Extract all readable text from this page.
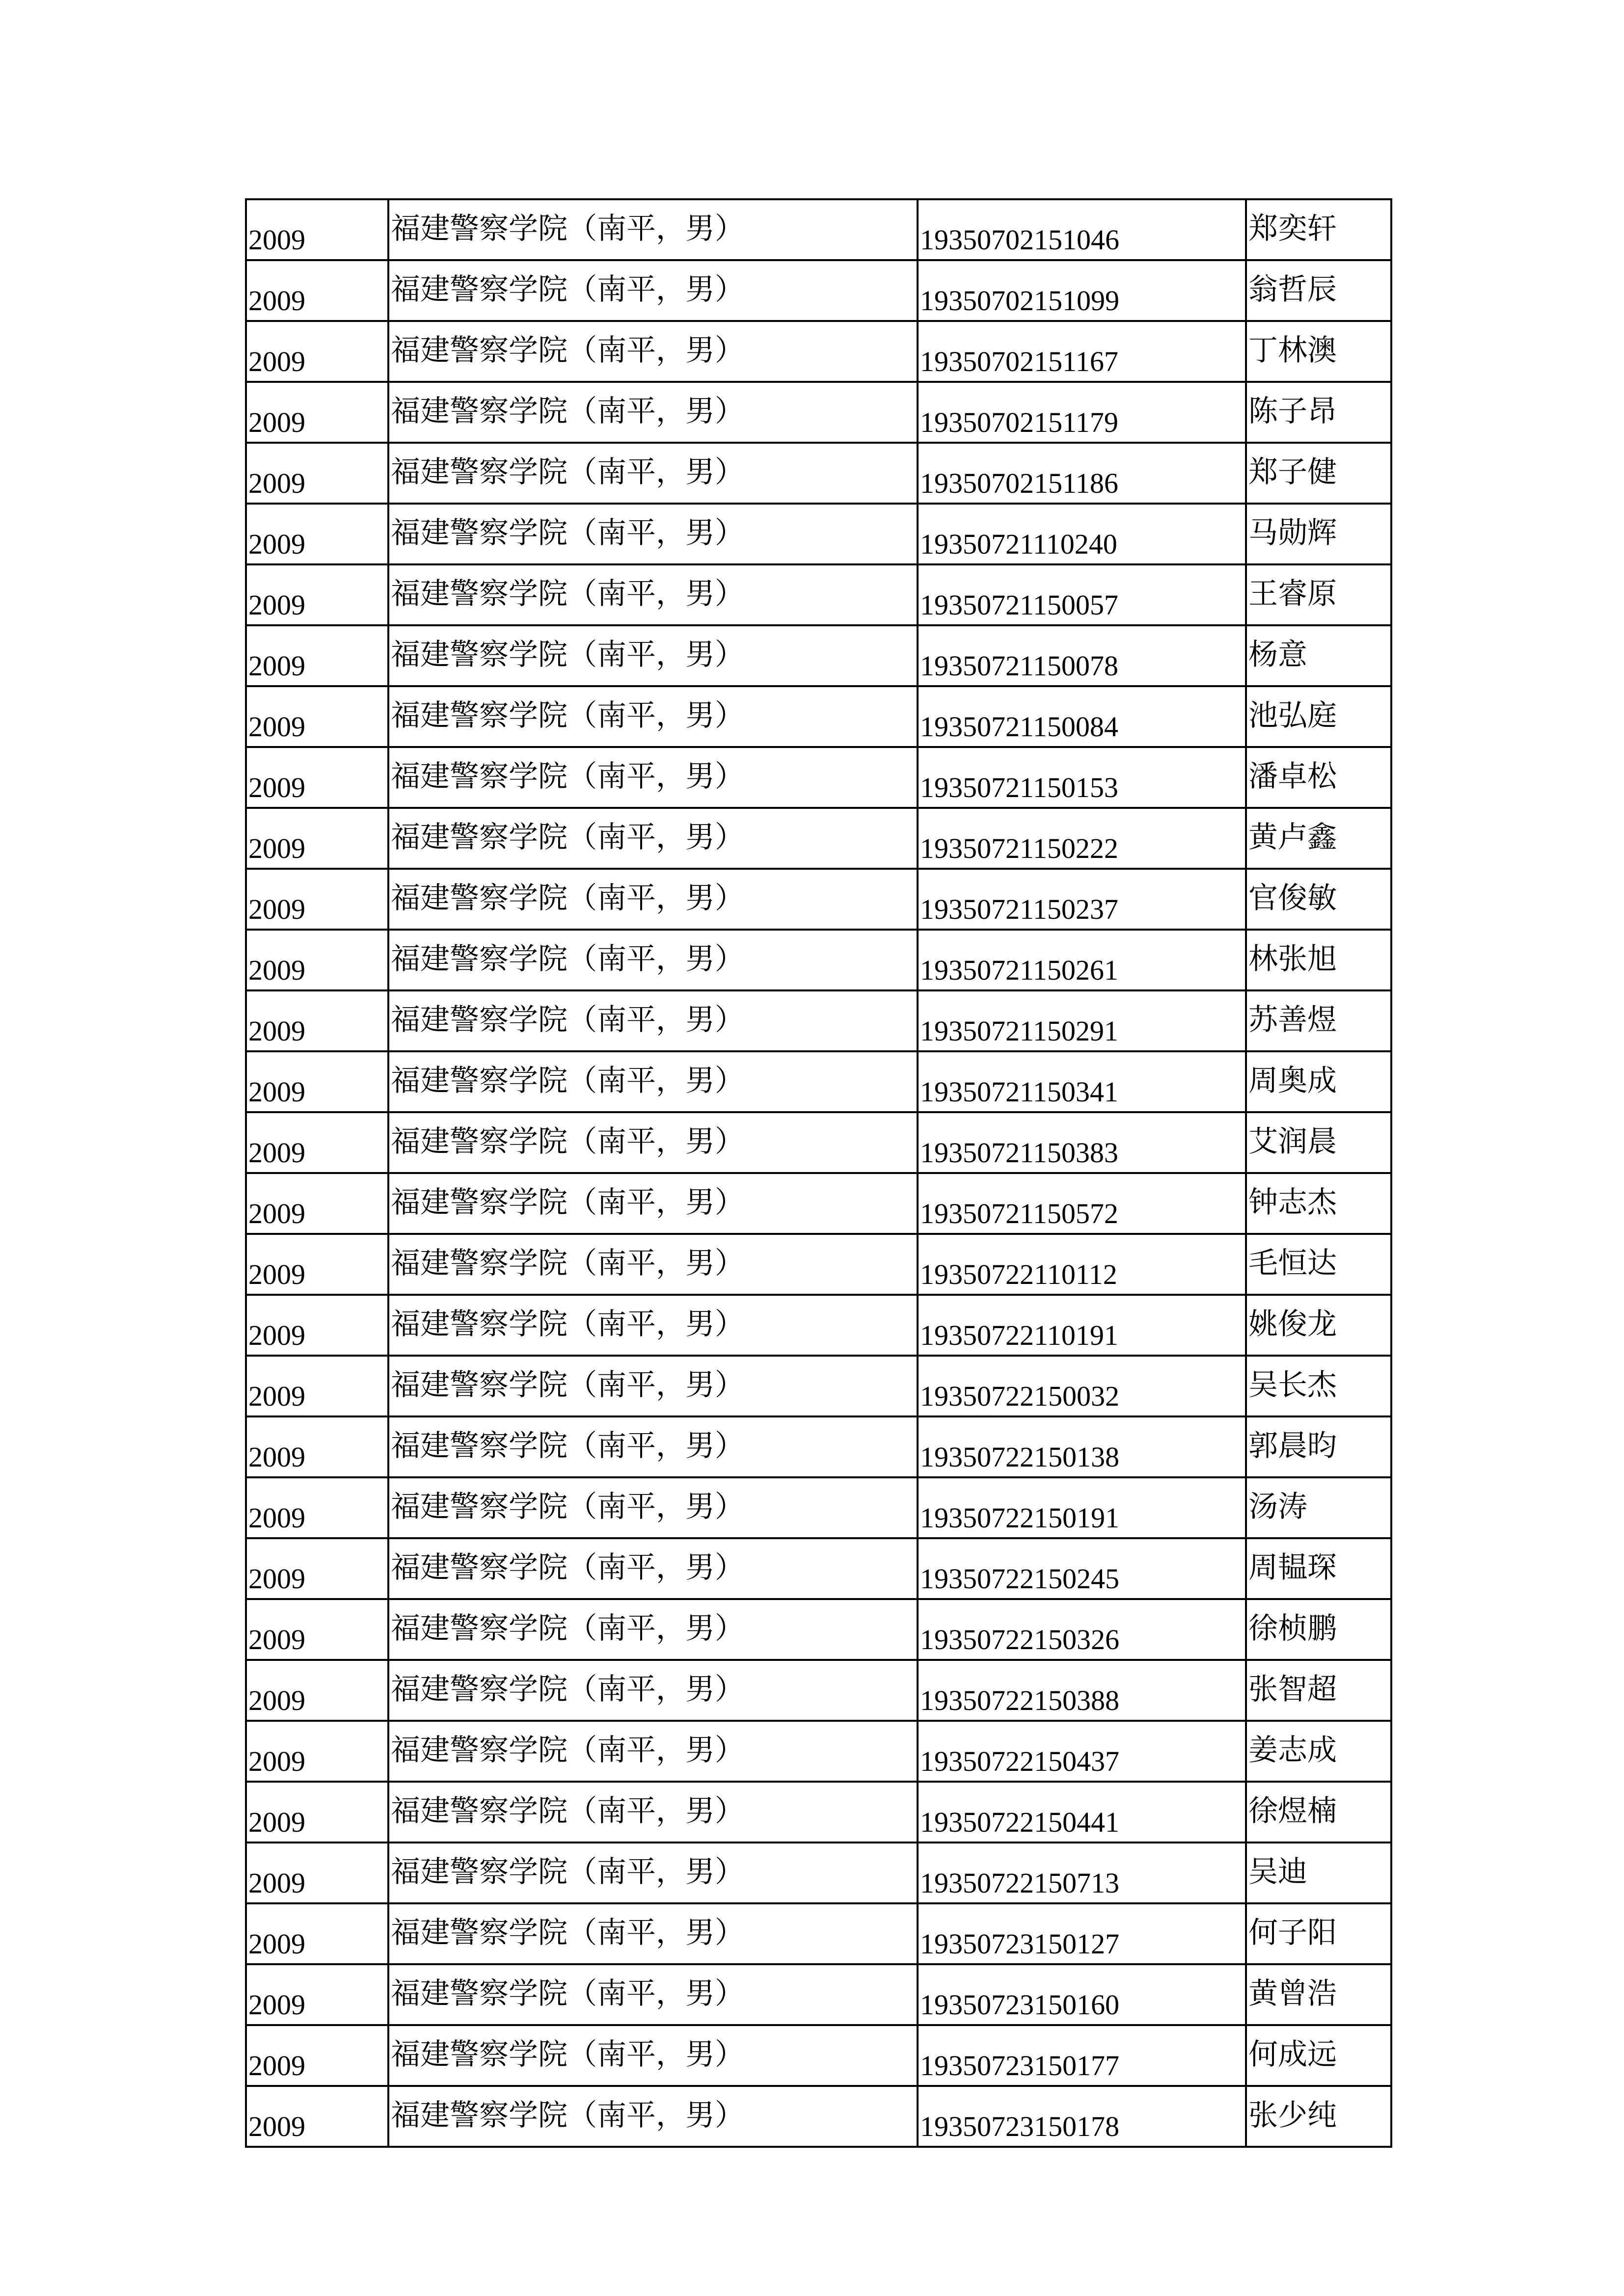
2009	福建警察学院（南平，男）	19350702151046	郑奕轩
2009	福建警察学院（南平，男）	19350702151099	翁哲辰
2009	福建警察学院（南平，男）	19350702151167	丁林澳
2009	福建警察学院（南平，男）	19350702151179	陈子昂
2009	福建警察学院（南平，男）	19350702151186	郑子健
2009	福建警察学院（南平，男）	19350721110240	马勋辉
2009	福建警察学院（南平，男）	19350721150057	王睿原
2009	福建警察学院（南平，男）	19350721150078	杨意
2009	福建警察学院（南平，男）	19350721150084	池弘庭
2009	福建警察学院（南平，男）	19350721150153	潘卓松
2009	福建警察学院（南平，男）	19350721150222	黄卢鑫
2009	福建警察学院（南平，男）	19350721150237	官俊敏
2009	福建警察学院（南平，男）	19350721150261	林张旭
2009	福建警察学院（南平，男）	19350721150291	苏善煜
2009	福建警察学院（南平，男）	19350721150341	周奥成
2009	福建警察学院（南平，男）	19350721150383	艾润晨
2009	福建警察学院（南平，男）	19350721150572	钟志杰
2009	福建警察学院（南平，男）	19350722110112	毛恒达
2009	福建警察学院（南平，男）	19350722110191	姚俊龙
2009	福建警察学院（南平，男）	19350722150032	吴长杰
2009	福建警察学院（南平，男）	19350722150138	郭晨昀
2009	福建警察学院（南平，男）	19350722150191	汤涛
2009	福建警察学院（南平，男）	19350722150245	周韫琛
2009	福建警察学院（南平，男）	19350722150326	徐桢鹏
2009	福建警察学院（南平，男）	19350722150388	张智超
2009	福建警察学院（南平，男）	19350722150437	姜志成
2009	福建警察学院（南平，男）	19350722150441	徐煜楠
2009	福建警察学院（南平，男）	19350722150713	吴迪
2009	福建警察学院（南平，男）	19350723150127	何子阳
2009	福建警察学院（南平，男）	19350723150160	黄曾浩
2009	福建警察学院（南平，男）	19350723150177	何成远
2009	福建警察学院（南平，男）	19350723150178	张少纯
